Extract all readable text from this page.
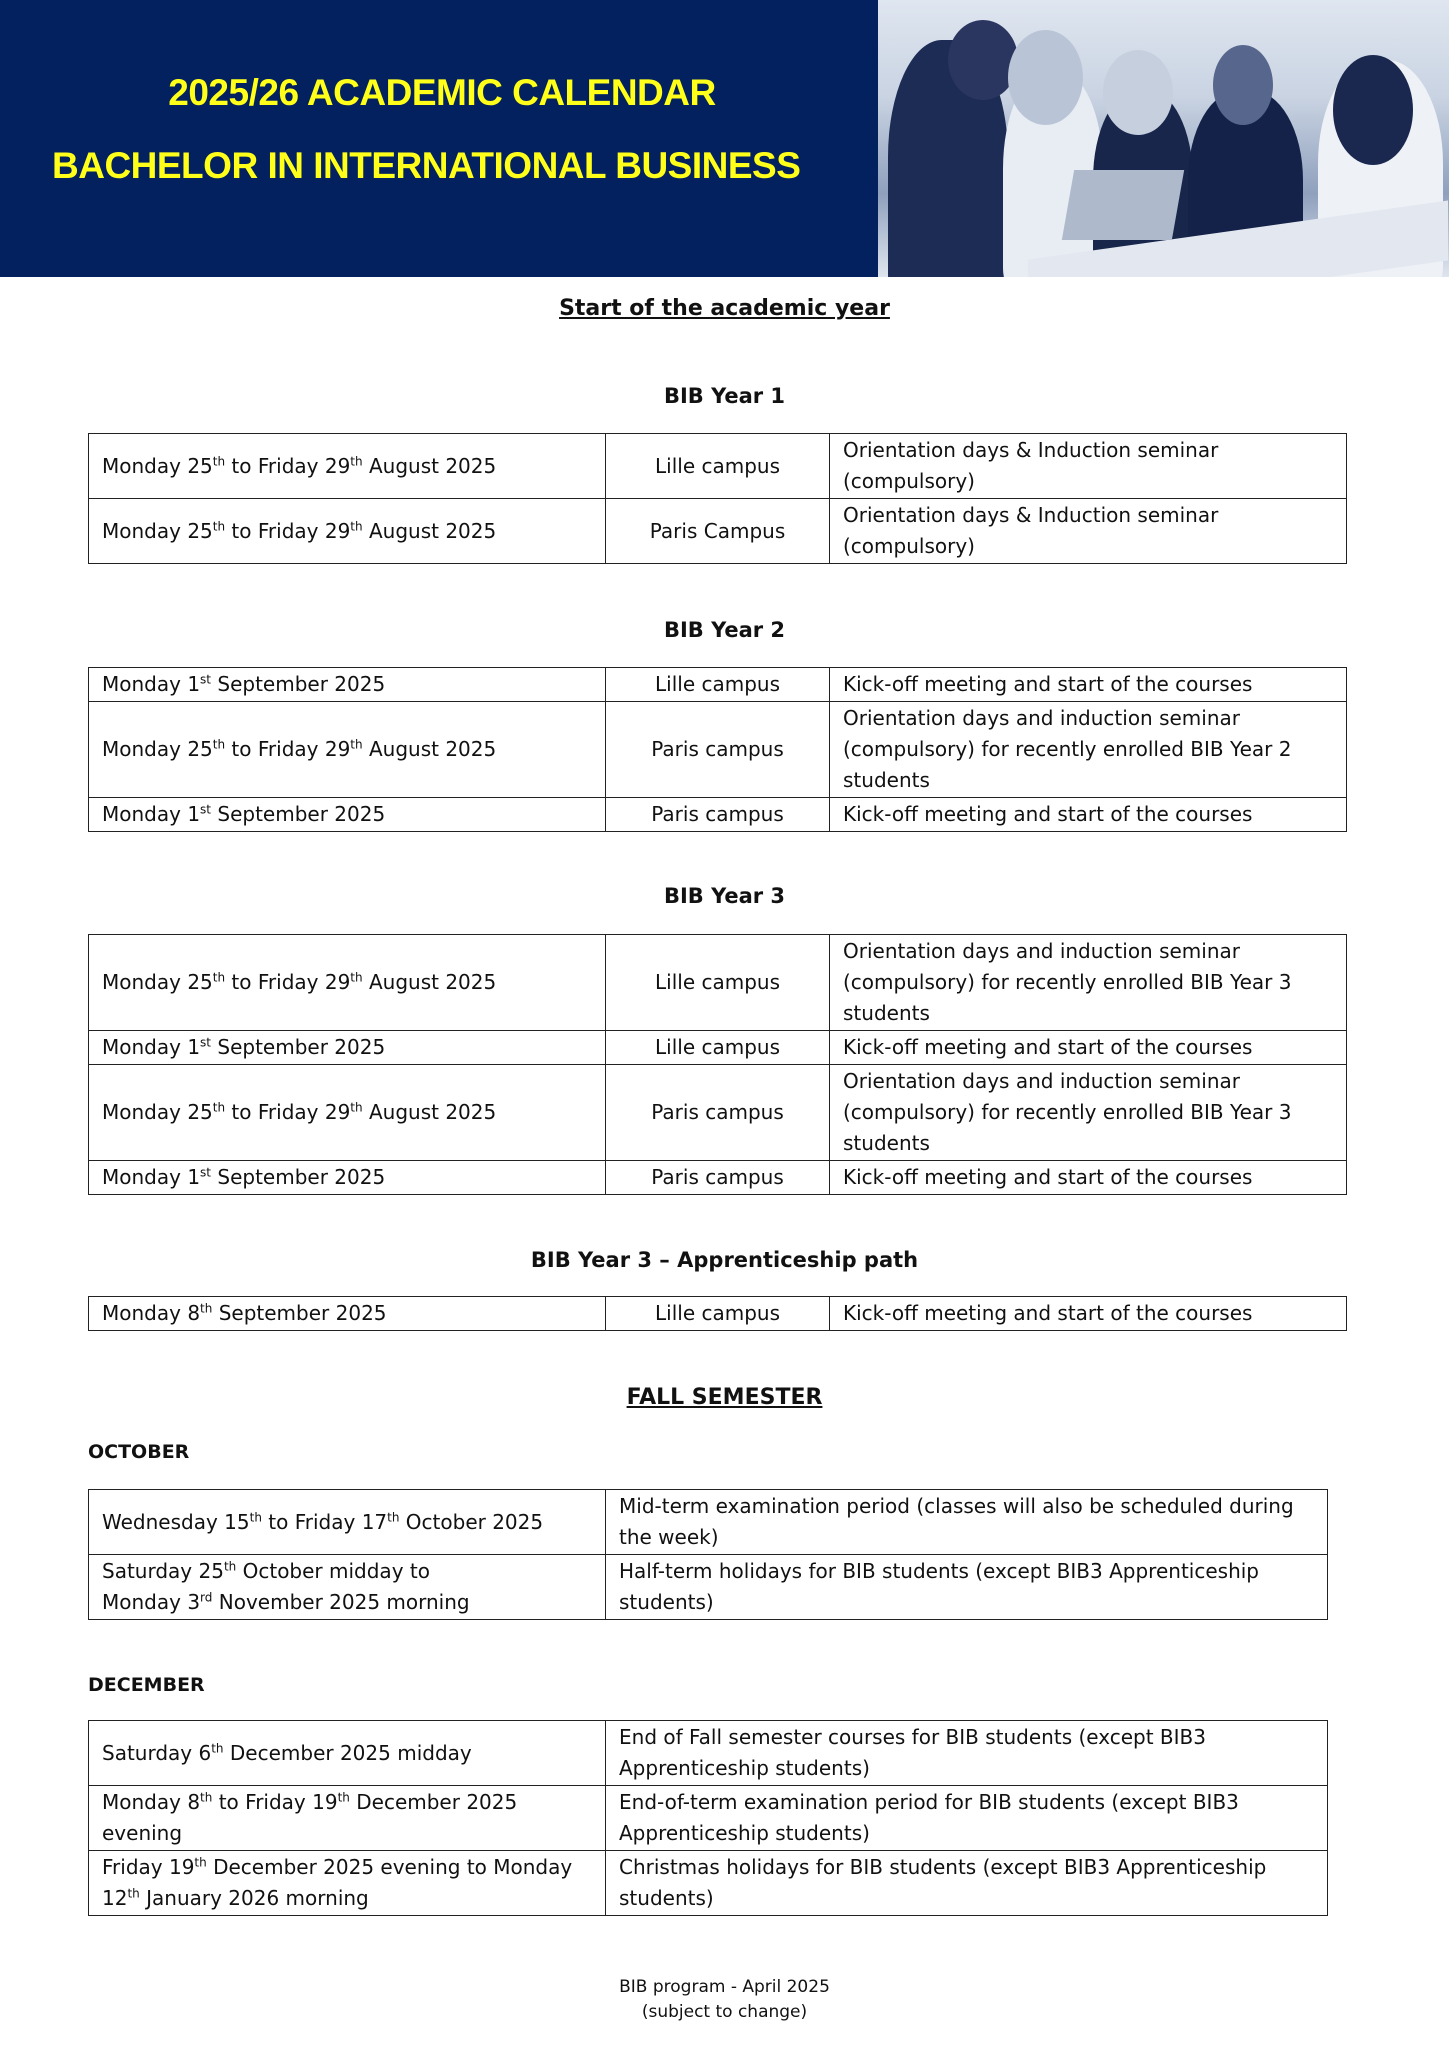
2025/26 ACADEMIC CALENDAR
BACHELOR IN INTERNATIONAL BUSINESS
Start of the academic year
BIB Year 1
Monday 25th to Friday 29th August 2025	Lille campus	Orientation days & Induction seminar (compulsory)
Monday 25th to Friday 29th August 2025	Paris Campus	Orientation days & Induction seminar (compulsory)
BIB Year 2
Monday 1st September 2025	Lille campus	Kick-off meeting and start of the courses
Monday 25th to Friday 29th August 2025	Paris campus	Orientation days and induction seminar (compulsory) for recently enrolled BIB Year 2 students
Monday 1st September 2025	Paris campus	Kick-off meeting and start of the courses
BIB Year 3
Monday 25th to Friday 29th August 2025	Lille campus	Orientation days and induction seminar (compulsory) for recently enrolled BIB Year 3 students
Monday 1st September 2025	Lille campus	Kick-off meeting and start of the courses
Monday 25th to Friday 29th August 2025	Paris campus	Orientation days and induction seminar (compulsory) for recently enrolled BIB Year 3 students
Monday 1st September 2025	Paris campus	Kick-off meeting and start of the courses
BIB Year 3 – Apprenticeship path
Monday 8th September 2025	Lille campus	Kick-off meeting and start of the courses
FALL SEMESTER
OCTOBER
Wednesday 15th to Friday 17th October 2025	Mid-term examination period (classes will also be scheduled during the week)
Saturday 25th October midday to
Monday 3rd November 2025 morning	Half-term holidays for BIB students (except BIB3 Apprenticeship students)
DECEMBER
Saturday 6th December 2025 midday	End of Fall semester courses for BIB students (except BIB3 Apprenticeship students)
Monday 8th to Friday 19th December 2025 evening	End-of-term examination period for BIB students (except BIB3 Apprenticeship students)
Friday 19th December 2025 evening to Monday 12th January 2026 morning	Christmas holidays for BIB students (except BIB3 Apprenticeship students)
BIB program - April 2025
(subject to change)
